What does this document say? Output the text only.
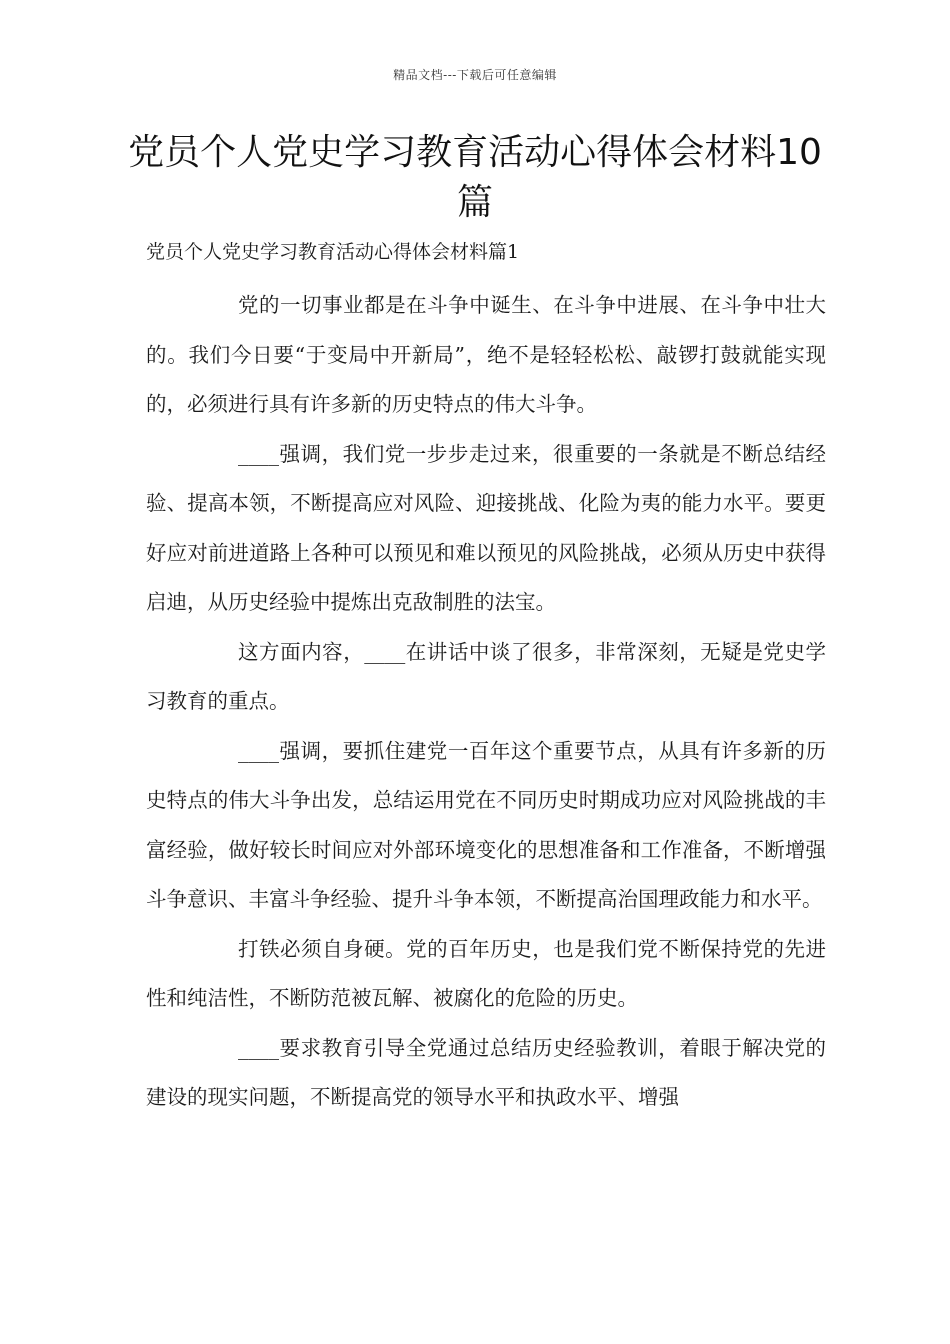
精品文档---下载后可任意编辑
党员个人党史学习教育活动心得体会材料10篇
党员个人党史学习教育活动心得体会材料篇1

党的一切事业都是在斗争中诞生、在斗争中进展、在斗争中壮大的。我们今日要“于变局中开新局”，绝不是轻轻松松、敲锣打鼓就能实现的，必须进行具有许多新的历史特点的伟大斗争。

____强调，我们党一步步走过来，很重要的一条就是不断总结经验、提高本领，不断提高应对风险、迎接挑战、化险为夷的能力水平。要更好应对前进道路上各种可以预见和难以预见的风险挑战，必须从历史中获得启迪，从历史经验中提炼出克敌制胜的法宝。

这方面内容，____在讲话中谈了很多，非常深刻，无疑是党史学习教育的重点。

____强调，要抓住建党一百年这个重要节点，从具有许多新的历史特点的伟大斗争出发，总结运用党在不同历史时期成功应对风险挑战的丰富经验，做好较长时间应对外部环境变化的思想准备和工作准备，不断增强斗争意识、丰富斗争经验、提升斗争本领，不断提高治国理政能力和水平。

打铁必须自身硬。党的百年历史，也是我们党不断保持党的先进性和纯洁性，不断防范被瓦解、被腐化的危险的历史。

____要求教育引导全党通过总结历史经验教训，着眼于解决党的建设的现实问题，不断提高党的领导水平和执政水平、增强
